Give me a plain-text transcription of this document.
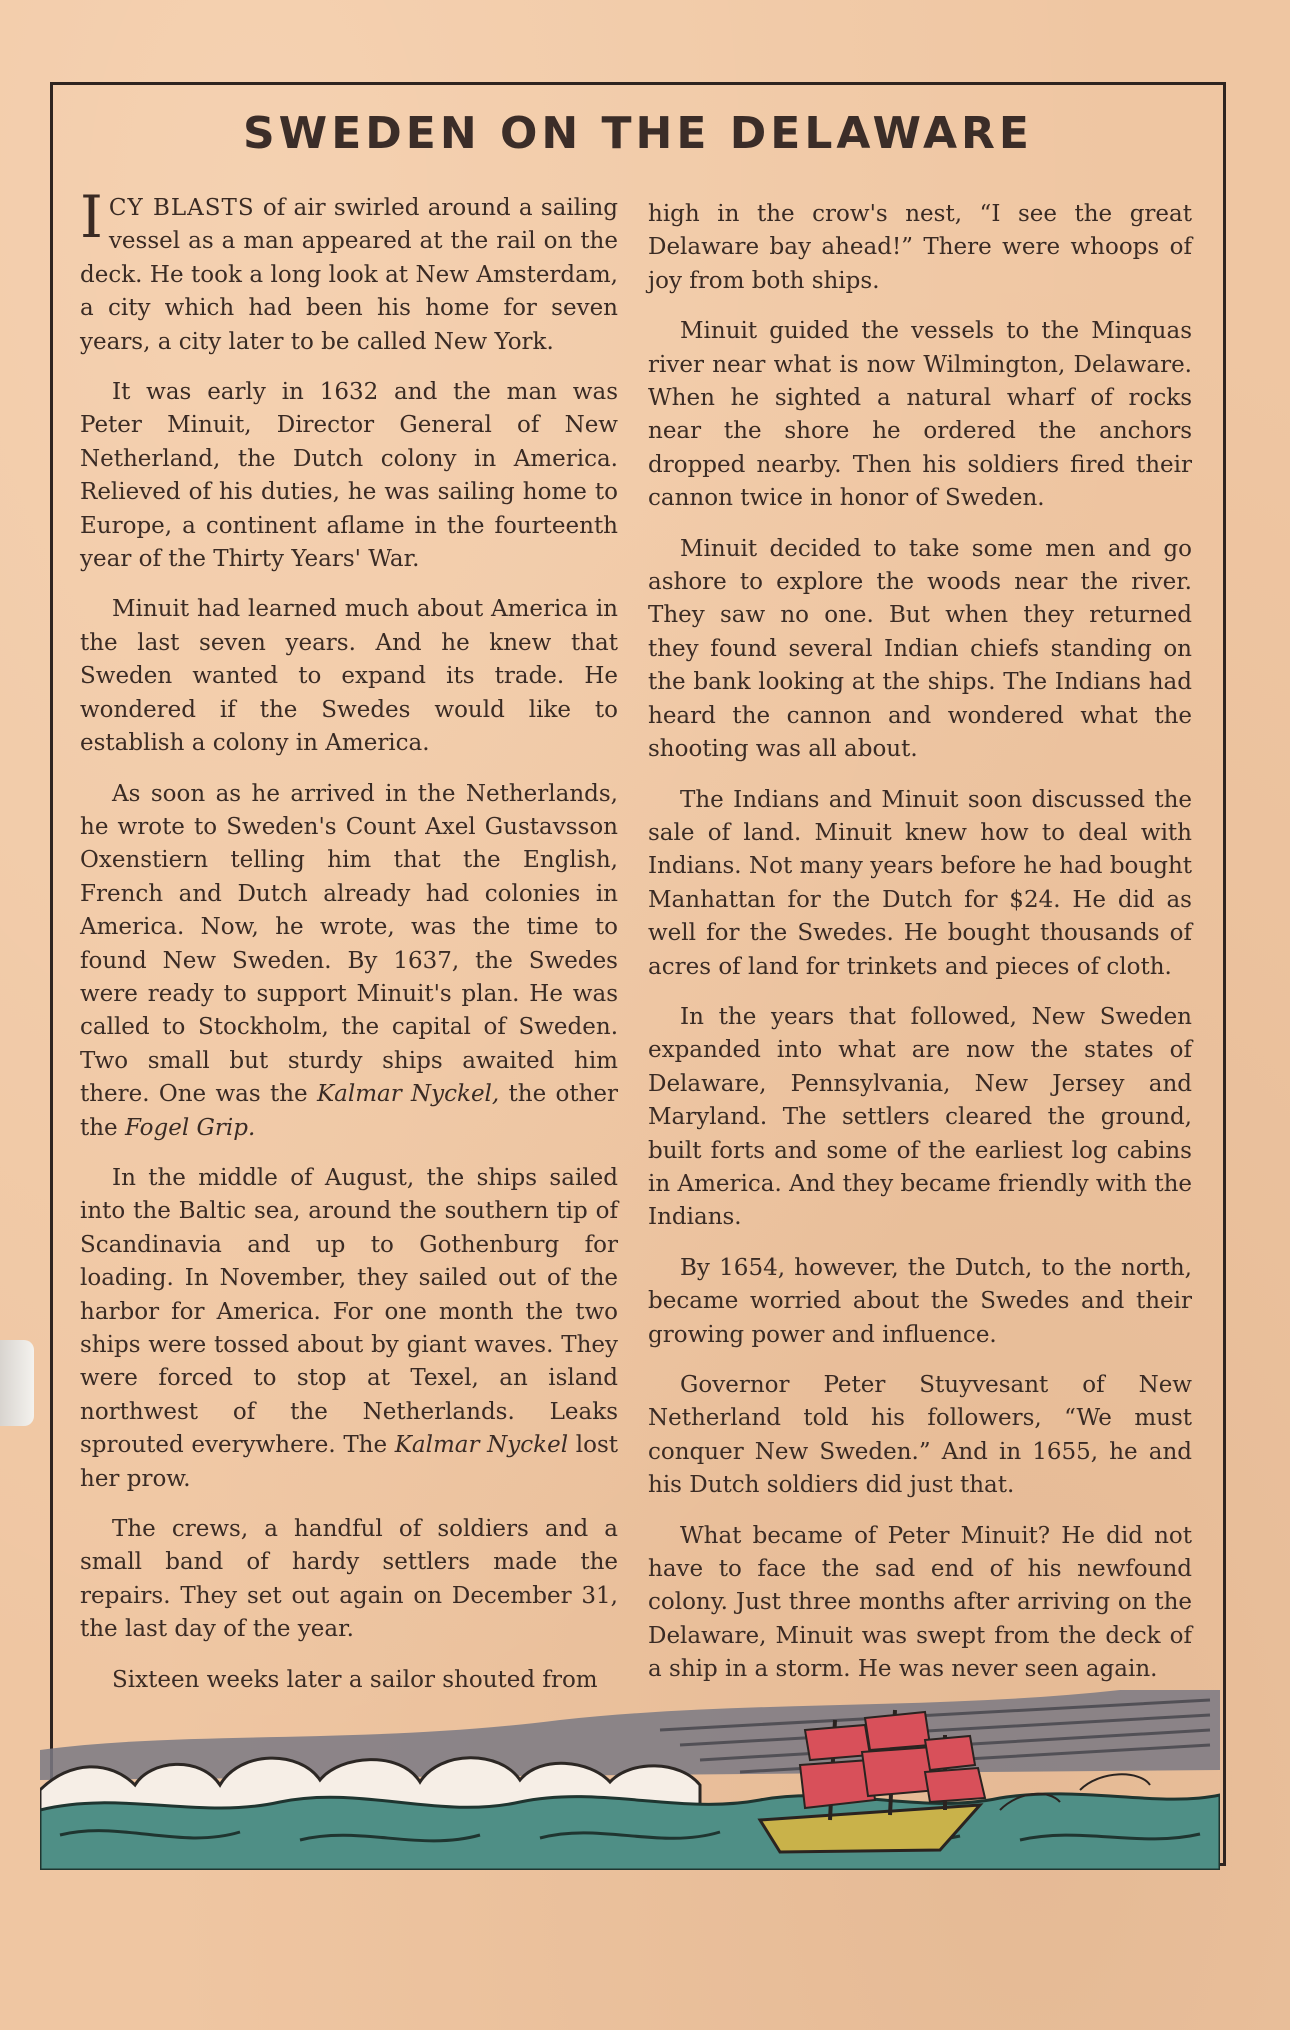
SWEDEN ON THE DELAWARE

ICY BLASTS of air swirled around a sailing vessel as a man appeared at the rail on the deck. He took a long look at New Amsterdam, a city which had been his home for seven years, a city later to be called New York.

It was early in 1632 and the man was Peter Minuit, Director General of New Netherland, the Dutch colony in America. Relieved of his duties, he was sailing home to Europe, a continent aflame in the fourteenth year of the Thirty Years' War.

Minuit had learned much about America in the last seven years. And he knew that Sweden wanted to expand its trade. He wondered if the Swedes would like to establish a colony in America.

As soon as he arrived in the Netherlands, he wrote to Sweden's Count Axel Gustavsson Oxenstiern telling him that the English, French and Dutch already had colonies in America. Now, he wrote, was the time to found New Sweden. By 1637, the Swedes were ready to support Minuit's plan. He was called to Stockholm, the capital of Sweden. Two small but sturdy ships awaited him there. One was the Kalmar Nyckel, the other the Fogel Grip.

In the middle of August, the ships sailed into the Baltic sea, around the southern tip of Scandinavia and up to Gothenburg for loading. In November, they sailed out of the harbor for America. For one month the two ships were tossed about by giant waves. They were forced to stop at Texel, an island northwest of the Netherlands. Leaks sprouted everywhere. The Kalmar Nyckel lost her prow.

The crews, a handful of soldiers and a small band of hardy settlers made the repairs. They set out again on December 31, the last day of the year.

Sixteen weeks later a sailor shouted from

high in the crow's nest, “I see the great Delaware bay ahead!” There were whoops of joy from both ships.

Minuit guided the vessels to the Minquas river near what is now Wilmington, Delaware. When he sighted a natural wharf of rocks near the shore he ordered the anchors dropped nearby. Then his soldiers fired their cannon twice in honor of Sweden.

Minuit decided to take some men and go ashore to explore the woods near the river. They saw no one. But when they returned they found several Indian chiefs standing on the bank looking at the ships. The Indians had heard the cannon and wondered what the shooting was all about.

The Indians and Minuit soon discussed the sale of land. Minuit knew how to deal with Indians. Not many years before he had bought Manhattan for the Dutch for $24. He did as well for the Swedes. He bought thousands of acres of land for trinkets and pieces of cloth.

In the years that followed, New Sweden expanded into what are now the states of Delaware, Pennsylvania, New Jersey and Maryland. The settlers cleared the ground, built forts and some of the earliest log cabins in America. And they became friendly with the Indians.

By 1654, however, the Dutch, to the north, became worried about the Swedes and their growing power and influence.

Governor Peter Stuyvesant of New Netherland told his followers, “We must conquer New Sweden.” And in 1655, he and his Dutch soldiers did just that.

What became of Peter Minuit? He did not have to face the sad end of his newfound colony. Just three months after arriving on the Delaware, Minuit was swept from the deck of a ship in a storm. He was never seen again.
